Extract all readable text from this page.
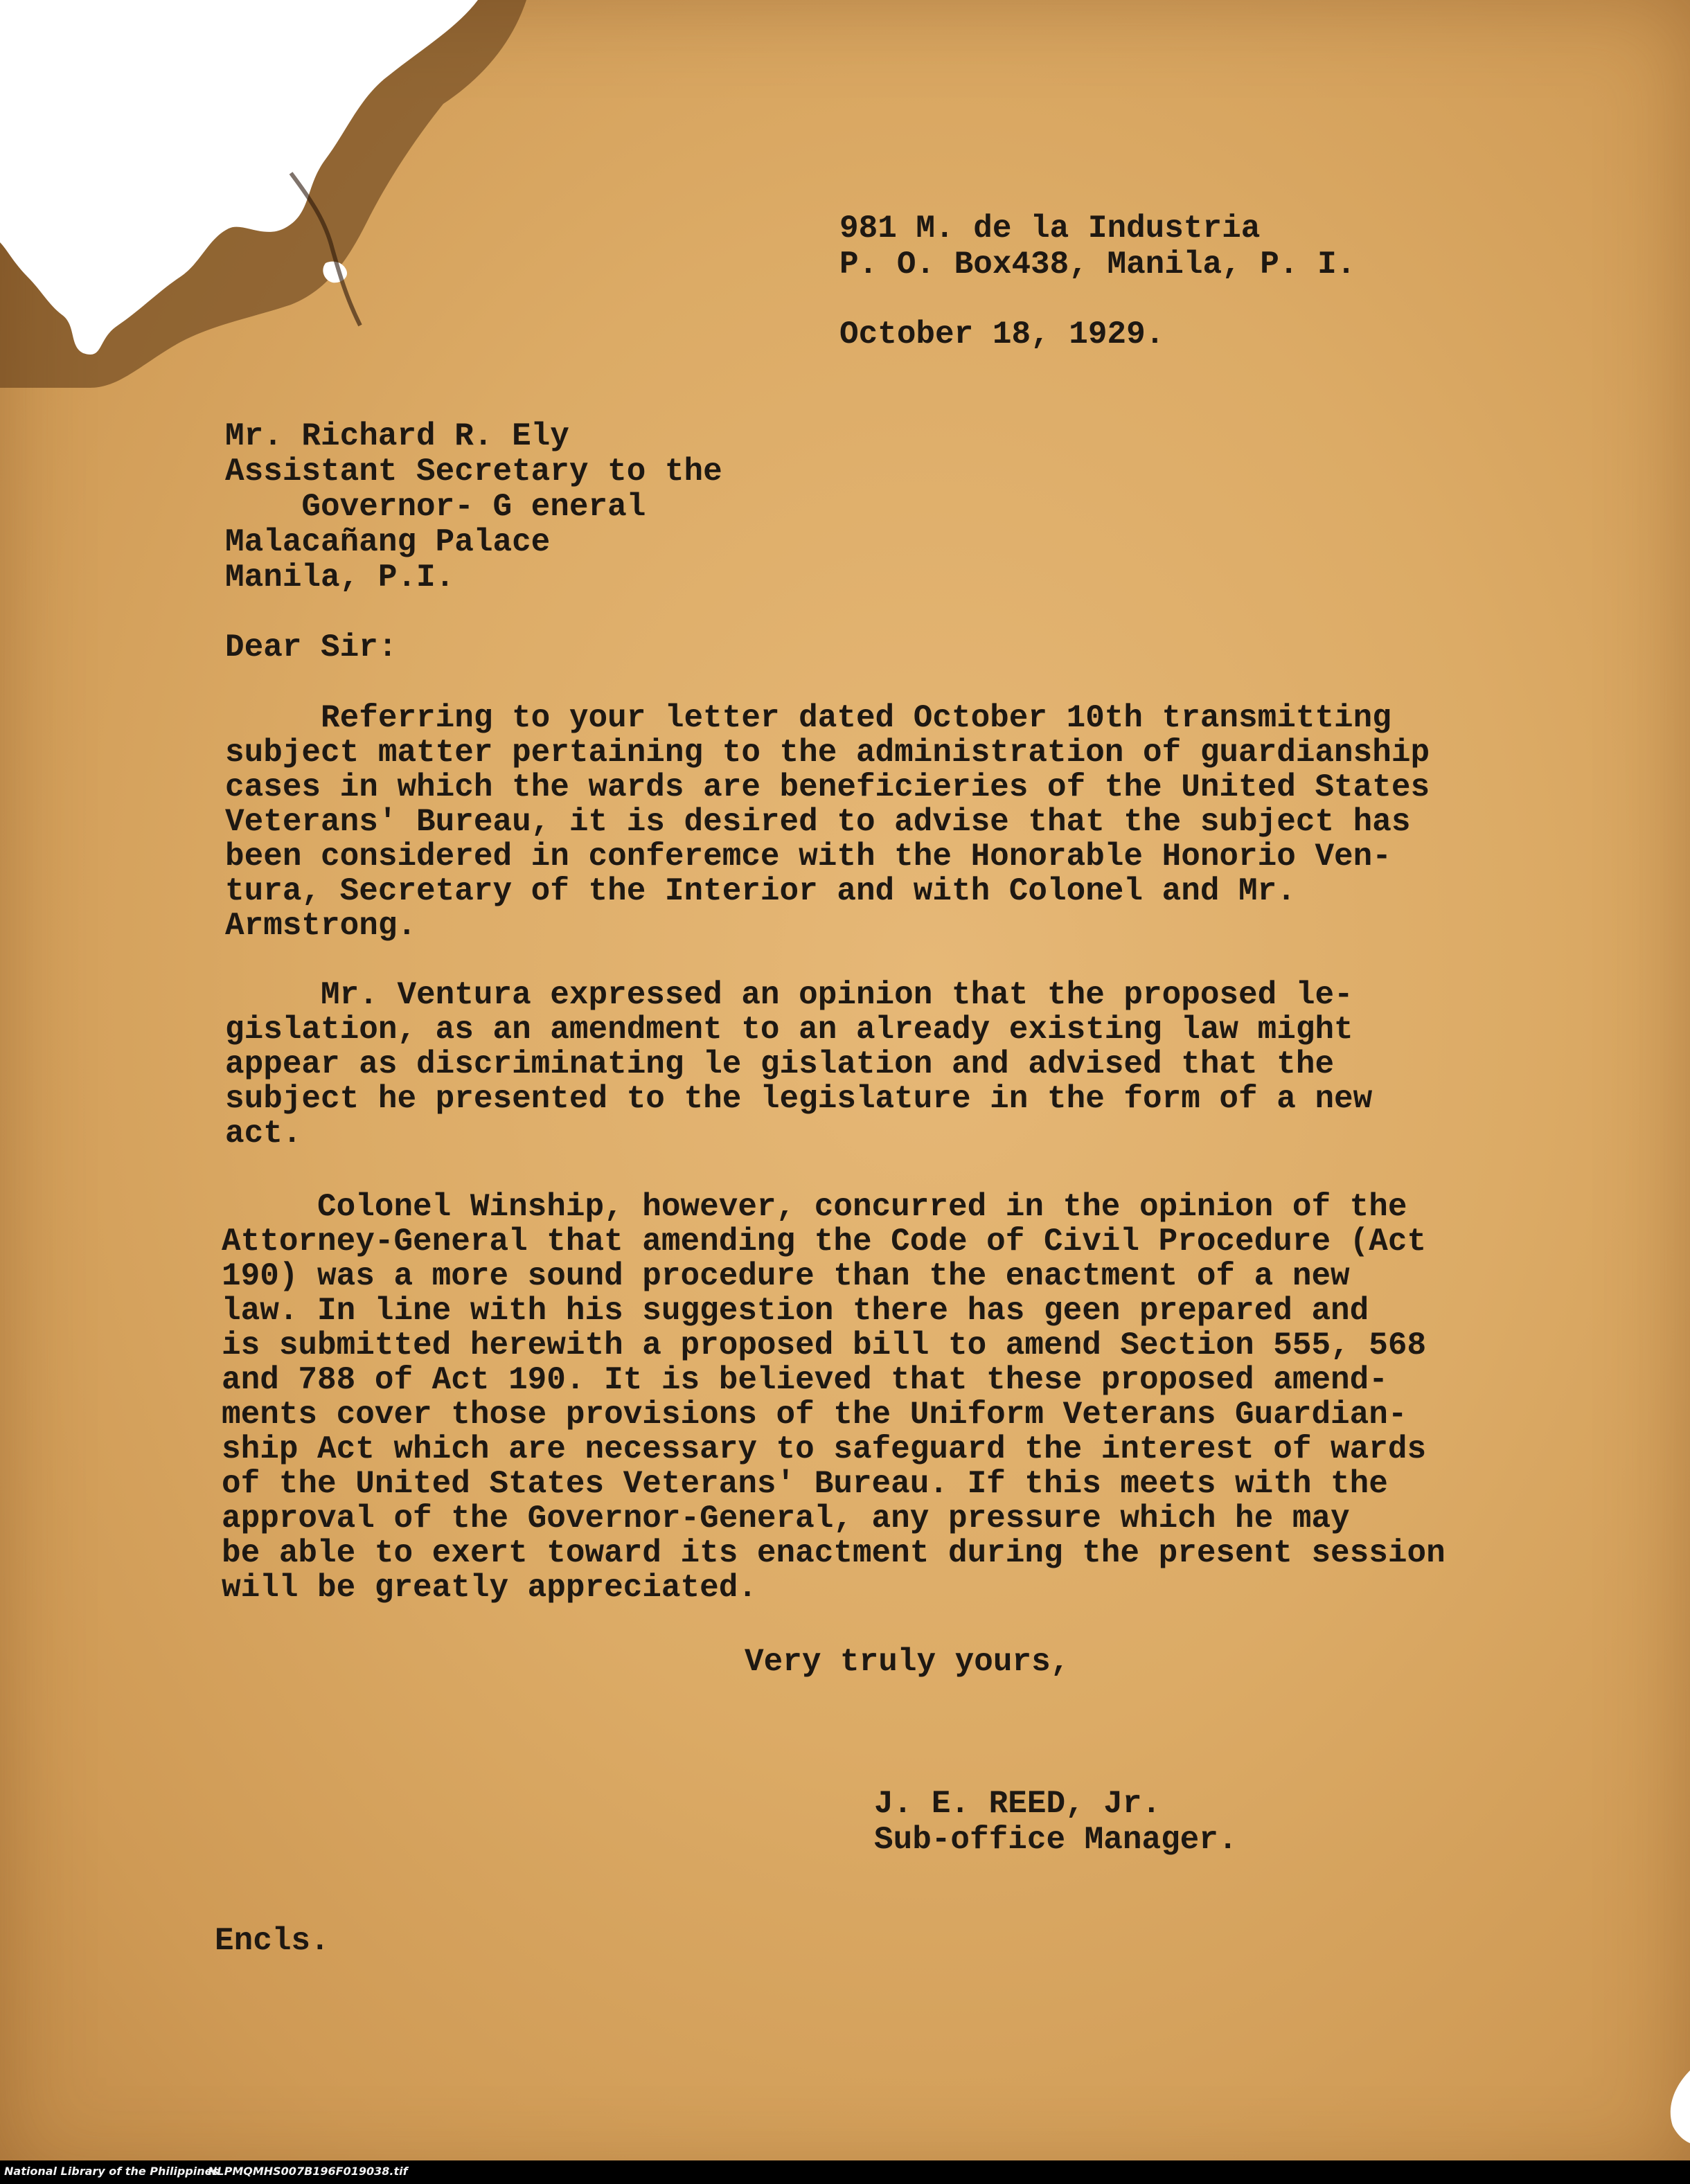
981 M. de la Industria

P. O. Box438, Manila, P. I.

October 18, 1929.

Mr. Richard R. Ely

Assistant Secretary to the

Governor- G eneral

Malacañang Palace

Manila, P.I.

Dear Sir:

Referring to your letter dated October 10th transmitting

subject matter pertaining to the administration of guardianship

cases in which the wards are beneficieries of the United States

Veterans' Bureau, it is desired to advise that the subject has

been considered in conferemce with the Honorable Honorio Ven-

tura, Secretary of the Interior and with Colonel and Mr.

Armstrong.

Mr. Ventura expressed an opinion that the proposed le-

gislation, as an amendment to an already existing law might

appear as discriminating le gislation and advised that the

subject he presented to the legislature in the form of a new

act.

Colonel Winship, however, concurred in the opinion of the

Attorney-General that amending the Code of Civil Procedure (Act

190) was a more sound procedure than the enactment of a new

law. In line with his suggestion there has geen prepared and

is submitted herewith a proposed bill to amend Section 555, 568

and 788 of Act 190. It is believed that these proposed amend-

ments cover those provisions of the Uniform Veterans Guardian-

ship Act which are necessary to safeguard the interest of wards

of the United States Veterans' Bureau. If this meets with the

approval of the Governor-General, any pressure which he may

be able to exert toward its enactment during the present session

will be greatly appreciated.

Very truly yours,

J. E. REED, Jr.

Sub-office Manager.

Encls.

National Library of the Philippines
NLPMQMHS007B196F019038.tif
